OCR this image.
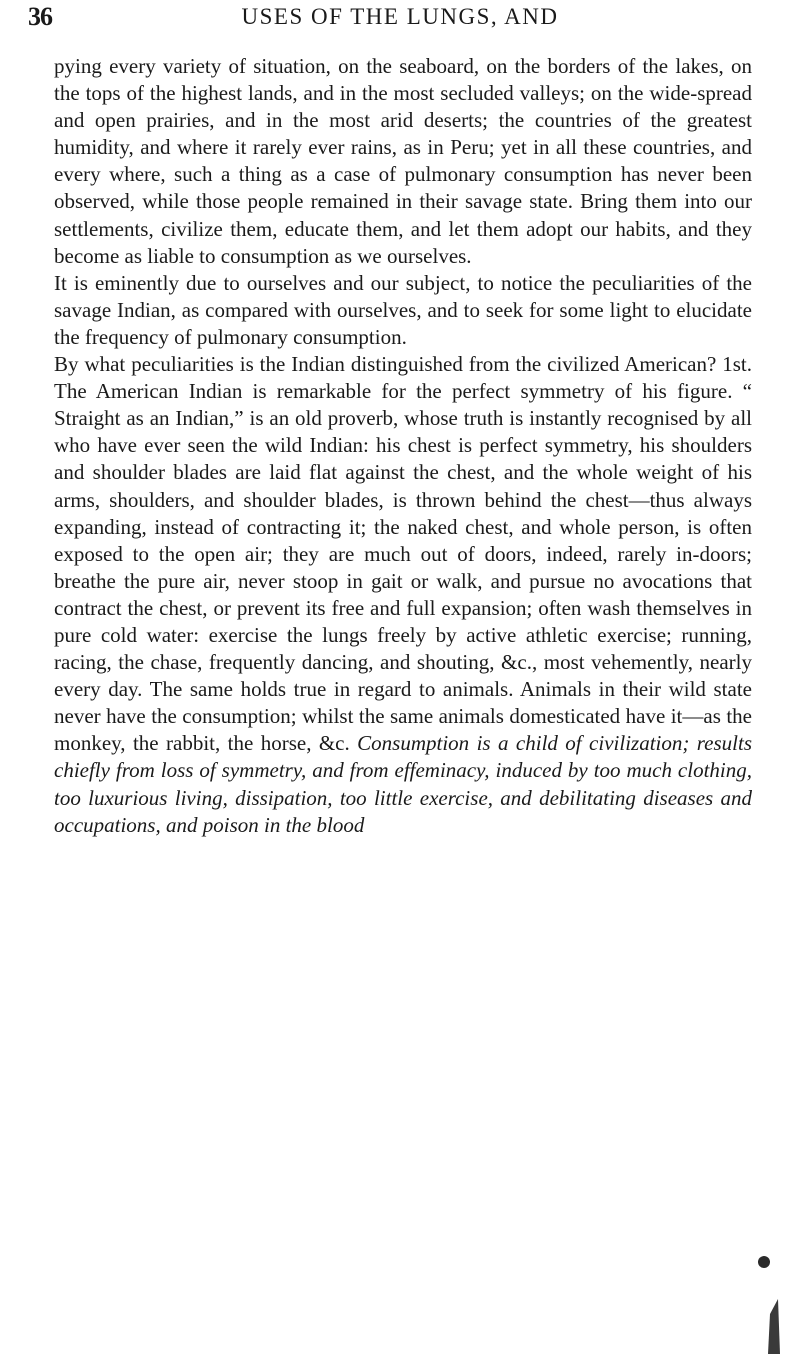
36	USES OF THE LUNGS, AND

pying every variety of situation, on the seaboard, on the borders of the lakes, on the tops of the highest lands, and in the most secluded valleys; on the wide-spread and open prairies, and in the most arid deserts; the countries of the greatest humidity, and where it rarely ever rains, as in Peru; yet in all these countries, and every where, such a thing as a case of pulmonary consumption has never been observed, while those people remained in their savage state. Bring them into our settlements, civilize them, educate them, and let them adopt our habits, and they become as liable to consumption as we ourselves.

It is eminently due to ourselves and our subject, to notice the peculiarities of the savage Indian, as compared with ourselves, and to seek for some light to elucidate the frequency of pulmonary consumption.

By what peculiarities is the Indian distinguished from the civilized American? 1st. The American Indian is remarkable for the perfect symmetry of his figure. “ Straight as an Indian,” is an old proverb, whose truth is instantly recognised by all who have ever seen the wild Indian: his chest is perfect symmetry, his shoulders and shoulder blades are laid flat against the chest, and the whole weight of his arms, shoulders, and shoulder blades, is thrown behind the chest—thus always expanding, instead of contracting it; the naked chest, and whole person, is often exposed to the open air; they are much out of doors, indeed, rarely in-doors; breathe the pure air, never stoop in gait or walk, and pursue no avocations that contract the chest, or prevent its free and full expansion; often wash themselves in pure cold water: exercise the lungs freely by active athletic exercise; running, racing, the chase, frequently dancing, and shouting, &c., most vehemently, nearly every day. The same holds true in regard to animals. Animals in their wild state never have the consumption; whilst the same animals domesticated have it—as the monkey, the rabbit, the horse, &c. Consumption is a child of civilization; results chiefly from loss of symmetry, and from effeminacy, induced by too much clothing, too luxurious living, dissipation, too little exercise, and debilitating diseases and occupations, and poison in the blood
